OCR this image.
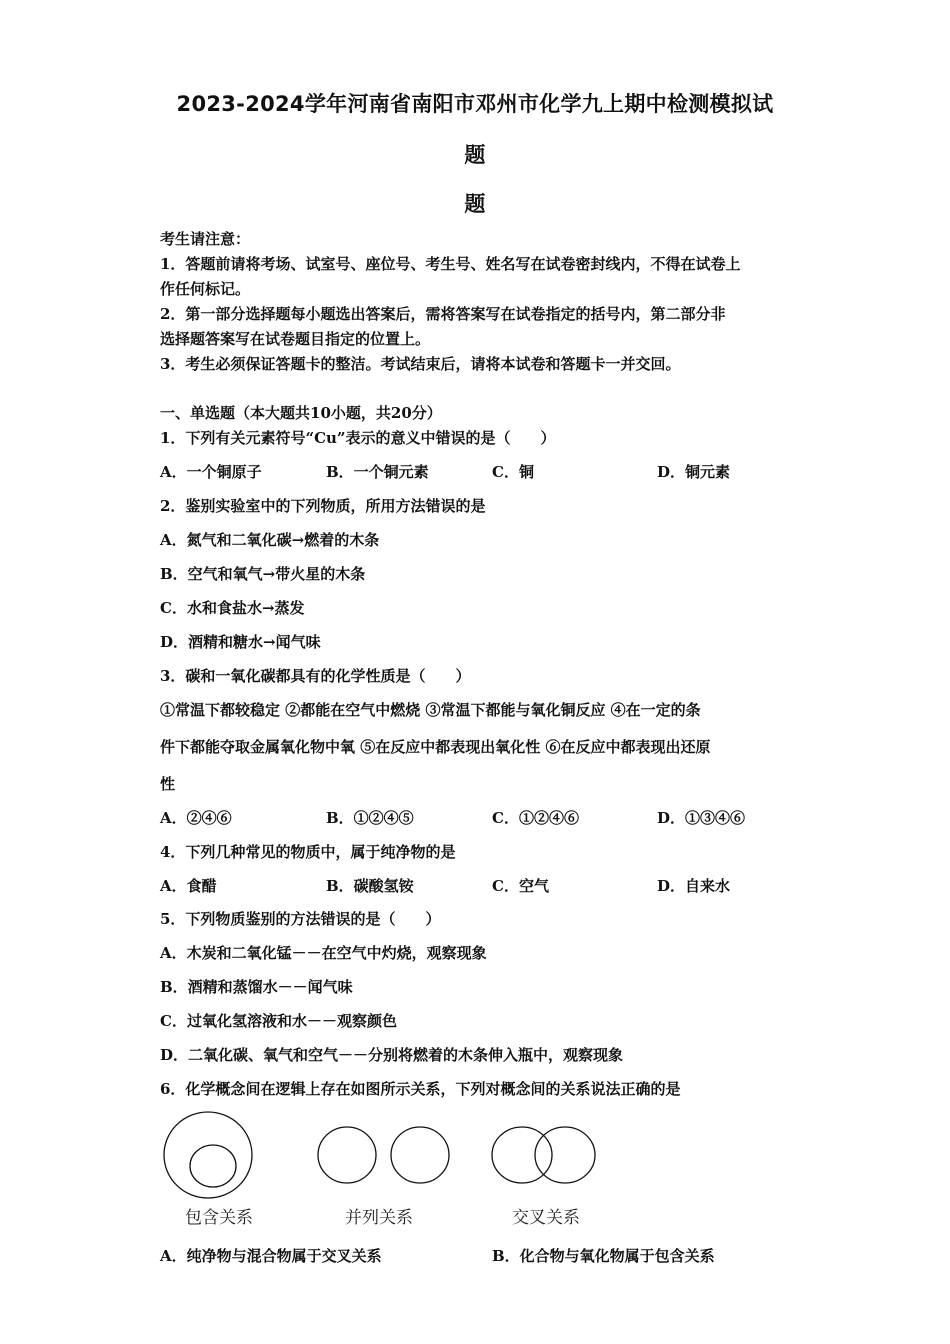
2023-2024学年河南省南阳市邓州市化学九上期中检测模拟试
题
题
考生请注意：
1．答题前请将考场、试室号、座位号、考生号、姓名写在试卷密封线内，不得在试卷上
作任何标记。
2．第一部分选择题每小题选出答案后，需将答案写在试卷指定的括号内，第二部分非
选择题答案写在试卷题目指定的位置上。
3．考生必须保证答题卡的整洁。考试结束后，请将本试卷和答题卡一并交回。
一、单选题（本大题共10小题，共20分）
1．下列有关元素符号“Cu”表示的意义中错误的是（　　）
A．一个铜原子	B．一个铜元素	C．铜	D．铜元素
2．鉴别实验室中的下列物质，所用方法错误的是
A．氮气和二氧化碳→燃着的木条
B．空气和氧气→带火星的木条
C．水和食盐水→蒸发
D．酒精和糖水→闻气味
3．碳和一氧化碳都具有的化学性质是（　　）
①常温下都较稳定 ②都能在空气中燃烧 ③常温下都能与氧化铜反应 ④在一定的条
件下都能夺取金属氧化物中氧 ⑤在反应中都表现出氧化性 ⑥在反应中都表现出还原
性
A．②④⑥	B．①②④⑤	C．①②④⑥	D．①③④⑥
4．下列几种常见的物质中，属于纯净物的是
A．食醋	B．碳酸氢铵	C．空气	D．自来水
5．下列物质鉴别的方法错误的是（　　）
A．木炭和二氧化锰－－在空气中灼烧，观察现象
B．酒精和蒸馏水－－闻气味
C．过氧化氢溶液和水－－观察颜色
D．二氧化碳、氧气和空气－－分别将燃着的木条伸入瓶中，观察现象
6．化学概念间在逻辑上存在如图所示关系，下列对概念间的关系说法正确的是
包含关系	并列关系	交叉关系
A．纯净物与混合物属于交叉关系	B．化合物与氧化物属于包含关系
